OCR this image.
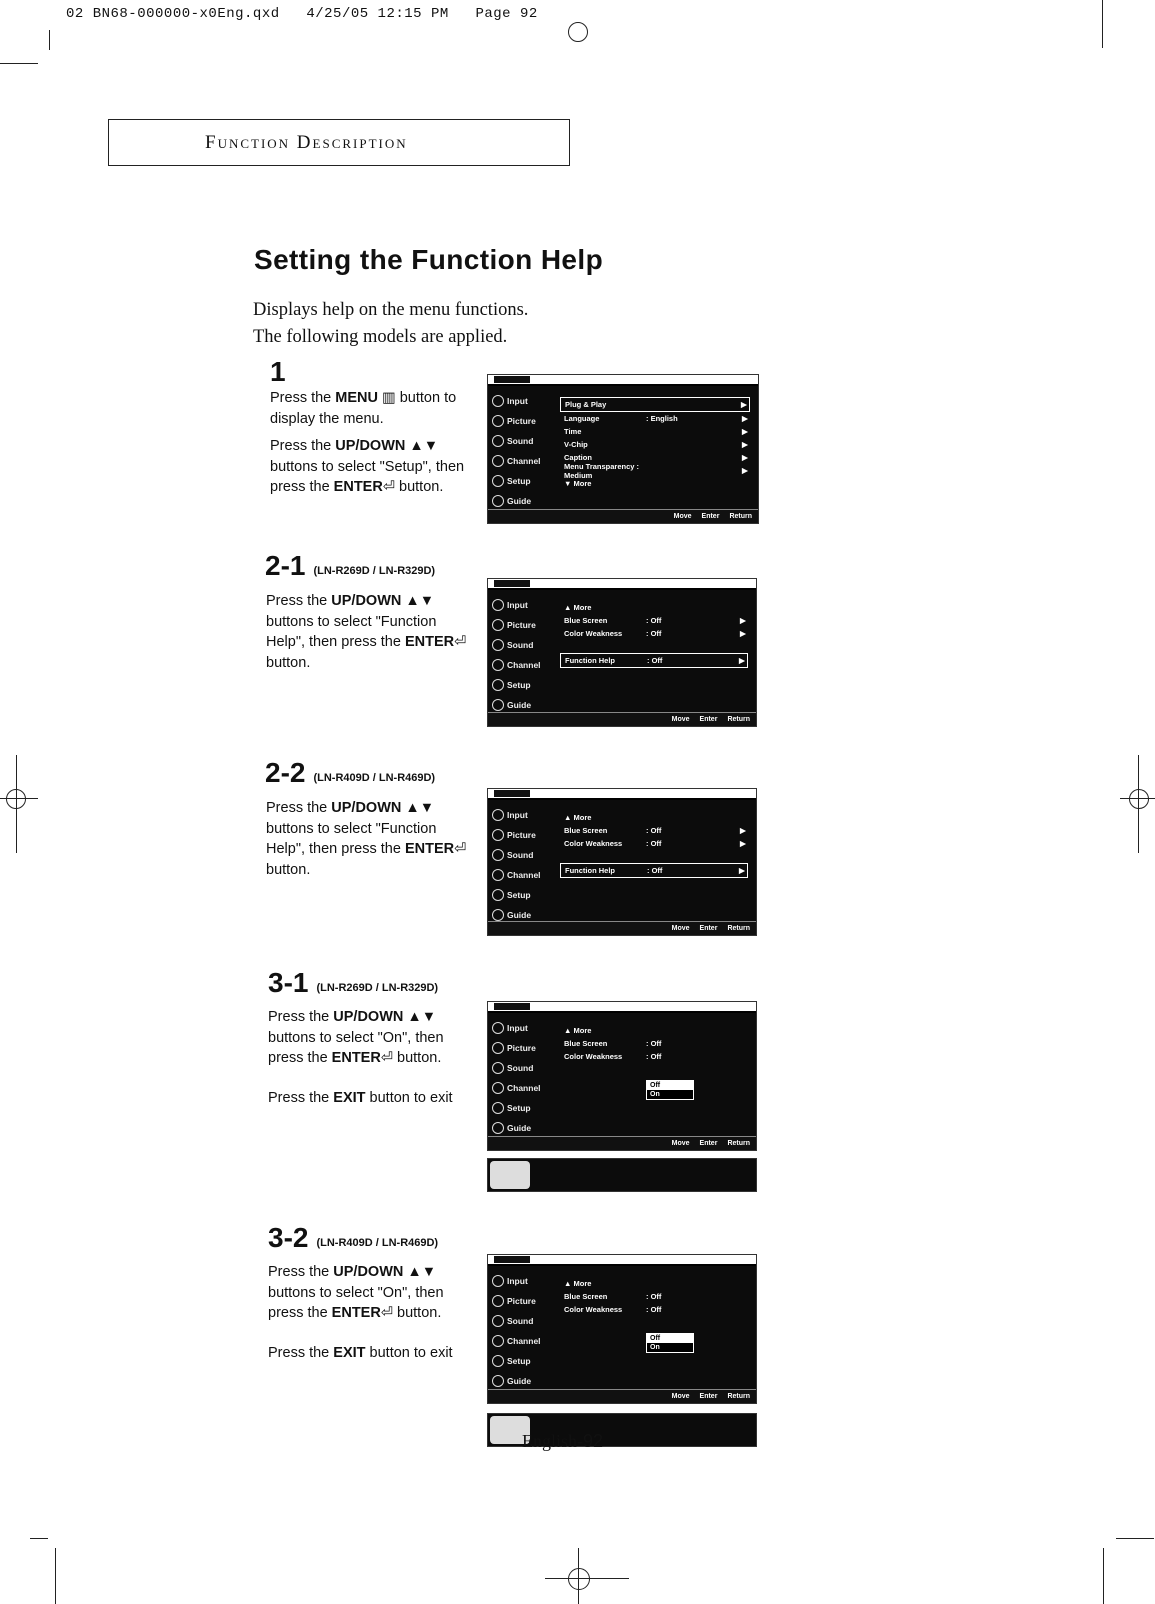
02 BN68-000000-x0Eng.qxd   4/25/05 12:15 PM   Page 92
Function Description
Setting the Function Help
Displays help on the menu functions.
The following models are applied.
1
Press the MENU ▥ button to display the menu.
Press the UP/DOWN ▲▼ buttons to select "Setup", then press the ENTER⏎ button.
Input
Picture
Sound
Channel
Setup
Guide
Plug & Play	▶
Language	: English	▶
Time	▶
V-Chip	▶
Caption	▶
Menu Transparency : Medium	▶
▼ More
Move Enter Return
2-1 (LN-R269D / LN-R329D)
Press the UP/DOWN ▲▼ buttons to select "Function Help", then press the ENTER⏎ button.
Input
Picture
Sound
Channel
Setup
Guide
▲ More
Blue Screen	: Off	▶
Color Weakness	: Off	▶
Function Help	: Off	▶
Move Enter Return
2-2 (LN-R409D / LN-R469D)
Press the UP/DOWN ▲▼ buttons to select "Function Help", then press the ENTER⏎ button.
Input
Picture
Sound
Channel
Setup
Guide
▲ More
Blue Screen	: Off	▶
Color Weakness	: Off	▶
Function Help	: Off	▶
Move Enter Return
3-1 (LN-R269D / LN-R329D)
Press the UP/DOWN ▲▼ buttons to select "On", then press the ENTER⏎ button.
Press the EXIT button to exit
Input
Picture
Sound
Channel
Setup
Guide
▲ More
Blue Screen	: Off
Color Weakness	: Off
Off
On
Move Enter Return
3-2 (LN-R409D / LN-R469D)
Press the UP/DOWN ▲▼ buttons to select "On", then press the ENTER⏎ button.
Press the EXIT button to exit
Input
Picture
Sound
Channel
Setup
Guide
▲ More
Blue Screen	: Off
Color Weakness	: Off
Off
On
Move Enter Return
English-92
